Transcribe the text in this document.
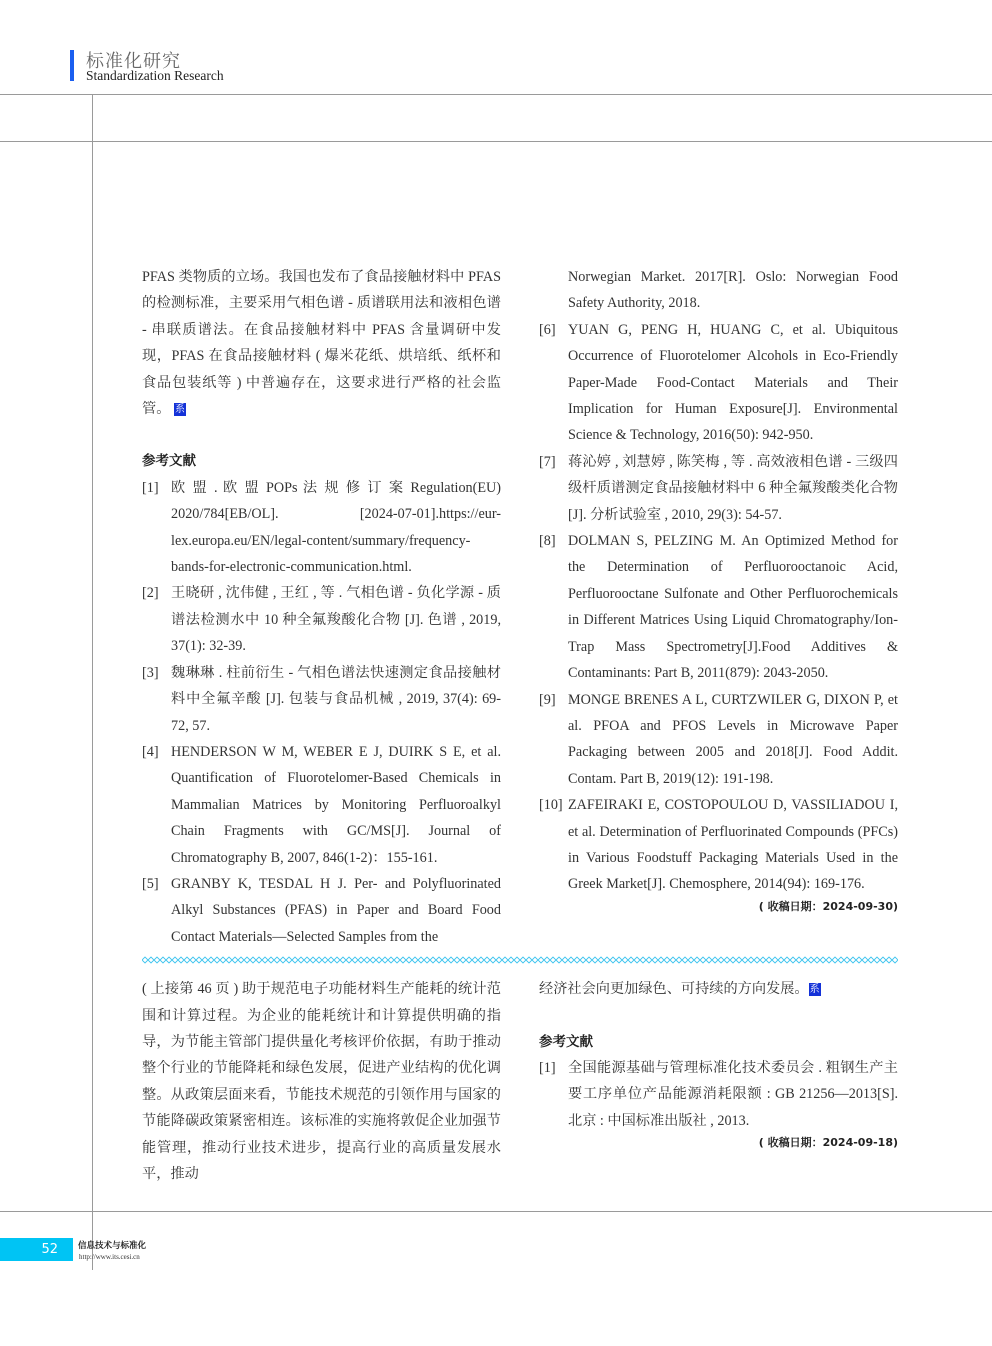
标准化研究
Standardization Research

PFAS 类物质的立场。我国也发布了食品接触材料中 PFAS 的检测标准，主要采用气相色谱 - 质谱联用法和液相色谱 - 串联质谱法。在食品接触材料中 PFAS 含量调研中发现，PFAS 在食品接触材料 ( 爆米花纸、烘培纸、纸杯和食品包装纸等 ) 中普遍存在，这要求进行严格的社会监管。 系

参考文献

[1] 欧 盟 . 欧 盟 POPs 法 规 修 订 案 Regulation(EU) 2020/784[EB/OL]. [2024-07-01].https://eur-lex.europa.eu/EN/legal-content/summary/frequency-bands-for-electronic-communication.html.

[2] 王晓研 , 沈伟健 , 王红 , 等 . 气相色谱 - 负化学源 - 质谱法检测水中 10 种全氟羧酸化合物 [J]. 色谱 , 2019, 37(1): 32-39.

[3] 魏琳琳 . 柱前衍生 - 气相色谱法快速测定食品接触材料中全氟辛酸 [J]. 包装与食品机械 , 2019, 37(4): 69-72, 57.

[4] HENDERSON W M, WEBER E J, DUIRK S E, et al. Quantification of Fluorotelomer-Based Chemicals in Mammalian Matrices by Monitoring Perfluoroalkyl Chain Fragments with GC/MS[J]. Journal of Chromatography B, 2007, 846(1-2)：155-161.

[5] GRANBY K, TESDAL H J. Per- and Polyfluorinated Alkyl Substances (PFAS) in Paper and Board Food Contact Materials—Selected Samples from the

Norwegian Market. 2017[R]. Oslo: Norwegian Food Safety Authority, 2018.

[6] YUAN G, PENG H, HUANG C, et al. Ubiquitous Occurrence of Fluorotelomer Alcohols in Eco-Friendly Paper-Made Food-Contact Materials and Their Implication for Human Exposure[J]. Environmental Science & Technology, 2016(50): 942-950.

[7] 蒋沁婷 , 刘慧婷 , 陈笑梅 , 等 . 高效液相色谱 - 三级四级杆质谱测定食品接触材料中 6 种全氟羧酸类化合物 [J]. 分析试验室 , 2010, 29(3): 54-57.

[8] DOLMAN S, PELZING M. An Optimized Method for the Determination of Perfluorooctanoic Acid, Perfluorooctane Sulfonate and Other Perfluorochemicals in Different Matrices Using Liquid Chromatography/Ion-Trap Mass Spectrometry[J].Food Additives & Contaminants: Part B, 2011(879): 2043-2050.

[9] MONGE BRENES A L, CURTZWILER G, DIXON P, et al. PFOA and PFOS Levels in Microwave Paper Packaging between 2005 and 2018[J]. Food Addit. Contam. Part B, 2019(12): 191-198.

[10] ZAFEIRAKI E, COSTOPOULOU D, VASSILIADOU I, et al. Determination of Perfluorinated Compounds (PFCs) in Various Foodstuff Packaging Materials Used in the Greek Market[J]. Chemosphere, 2014(94): 169-176.

( 收稿日期：2024-09-30)

( 上接第 46 页 ) 助于规范电子功能材料生产能耗的统计范围和计算过程。为企业的能耗统计和计算提供明确的指导，为节能主管部门提供量化考核评价依据，有助于推动整个行业的节能降耗和绿色发展，促进产业结构的优化调整。从政策层面来看，节能技术规范的引领作用与国家的节能降碳政策紧密相连。该标准的实施将敦促企业加强节能管理，推动行业技术进步，提高行业的高质量发展水平，推动

经济社会向更加绿色、可持续的方向发展。系

参考文献

[1] 全国能源基础与管理标准化技术委员会 . 粗钢生产主要工序单位产品能源消耗限额 : GB 21256—2013[S]. 北京 : 中国标准出版社 , 2013.

( 收稿日期：2024-09-18)

52	信息技术与标准化
http://www.its.cesi.cn
